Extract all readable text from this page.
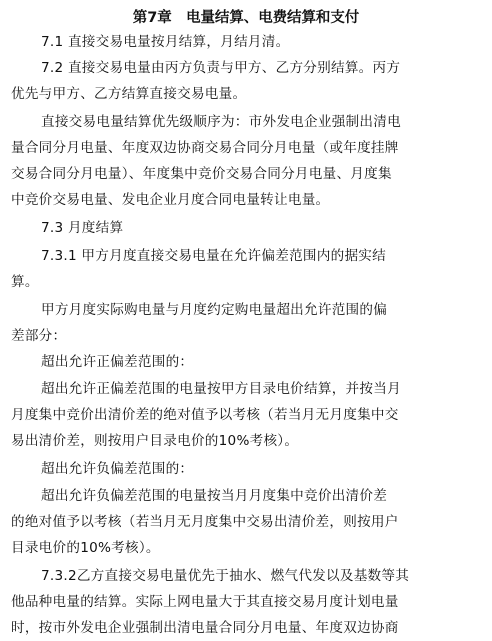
第7章　电量结算、电费结算和支付
7.1 直接交易电量按月结算，月结月清。
7.2 直接交易电量由丙方负责与甲方、乙方分别结算。丙方
优先与甲方、乙方结算直接交易电量。
直接交易电量结算优先级顺序为：市外发电企业强制出清电
量合同分月电量、年度双边协商交易合同分月电量（或年度挂牌
交易合同分月电量）、年度集中竞价交易合同分月电量、月度集
中竞价交易电量、发电企业月度合同电量转让电量。
7.3 月度结算
7.3.1 甲方月度直接交易电量在允许偏差范围内的据实结
算。
甲方月度实际购电量与月度约定购电量超出允许范围的偏
差部分：
超出允许正偏差范围的：
超出允许正偏差范围的电量按甲方目录电价结算，并按当月
月度集中竞价出清价差的绝对值予以考核（若当月无月度集中交
易出清价差，则按用户目录电价的10%考核）。
超出允许负偏差范围的：
超出允许负偏差范围的电量按当月月度集中竞价出清价差
的绝对值予以考核（若当月无月度集中交易出清价差，则按用户
目录电价的10%考核）。
7.3.2乙方直接交易电量优先于抽水、燃气代发以及基数等其
他品种电量的结算。实际上网电量大于其直接交易月度计划电量
时，按市外发电企业强制出清电量合同分月电量、年度双边协商
